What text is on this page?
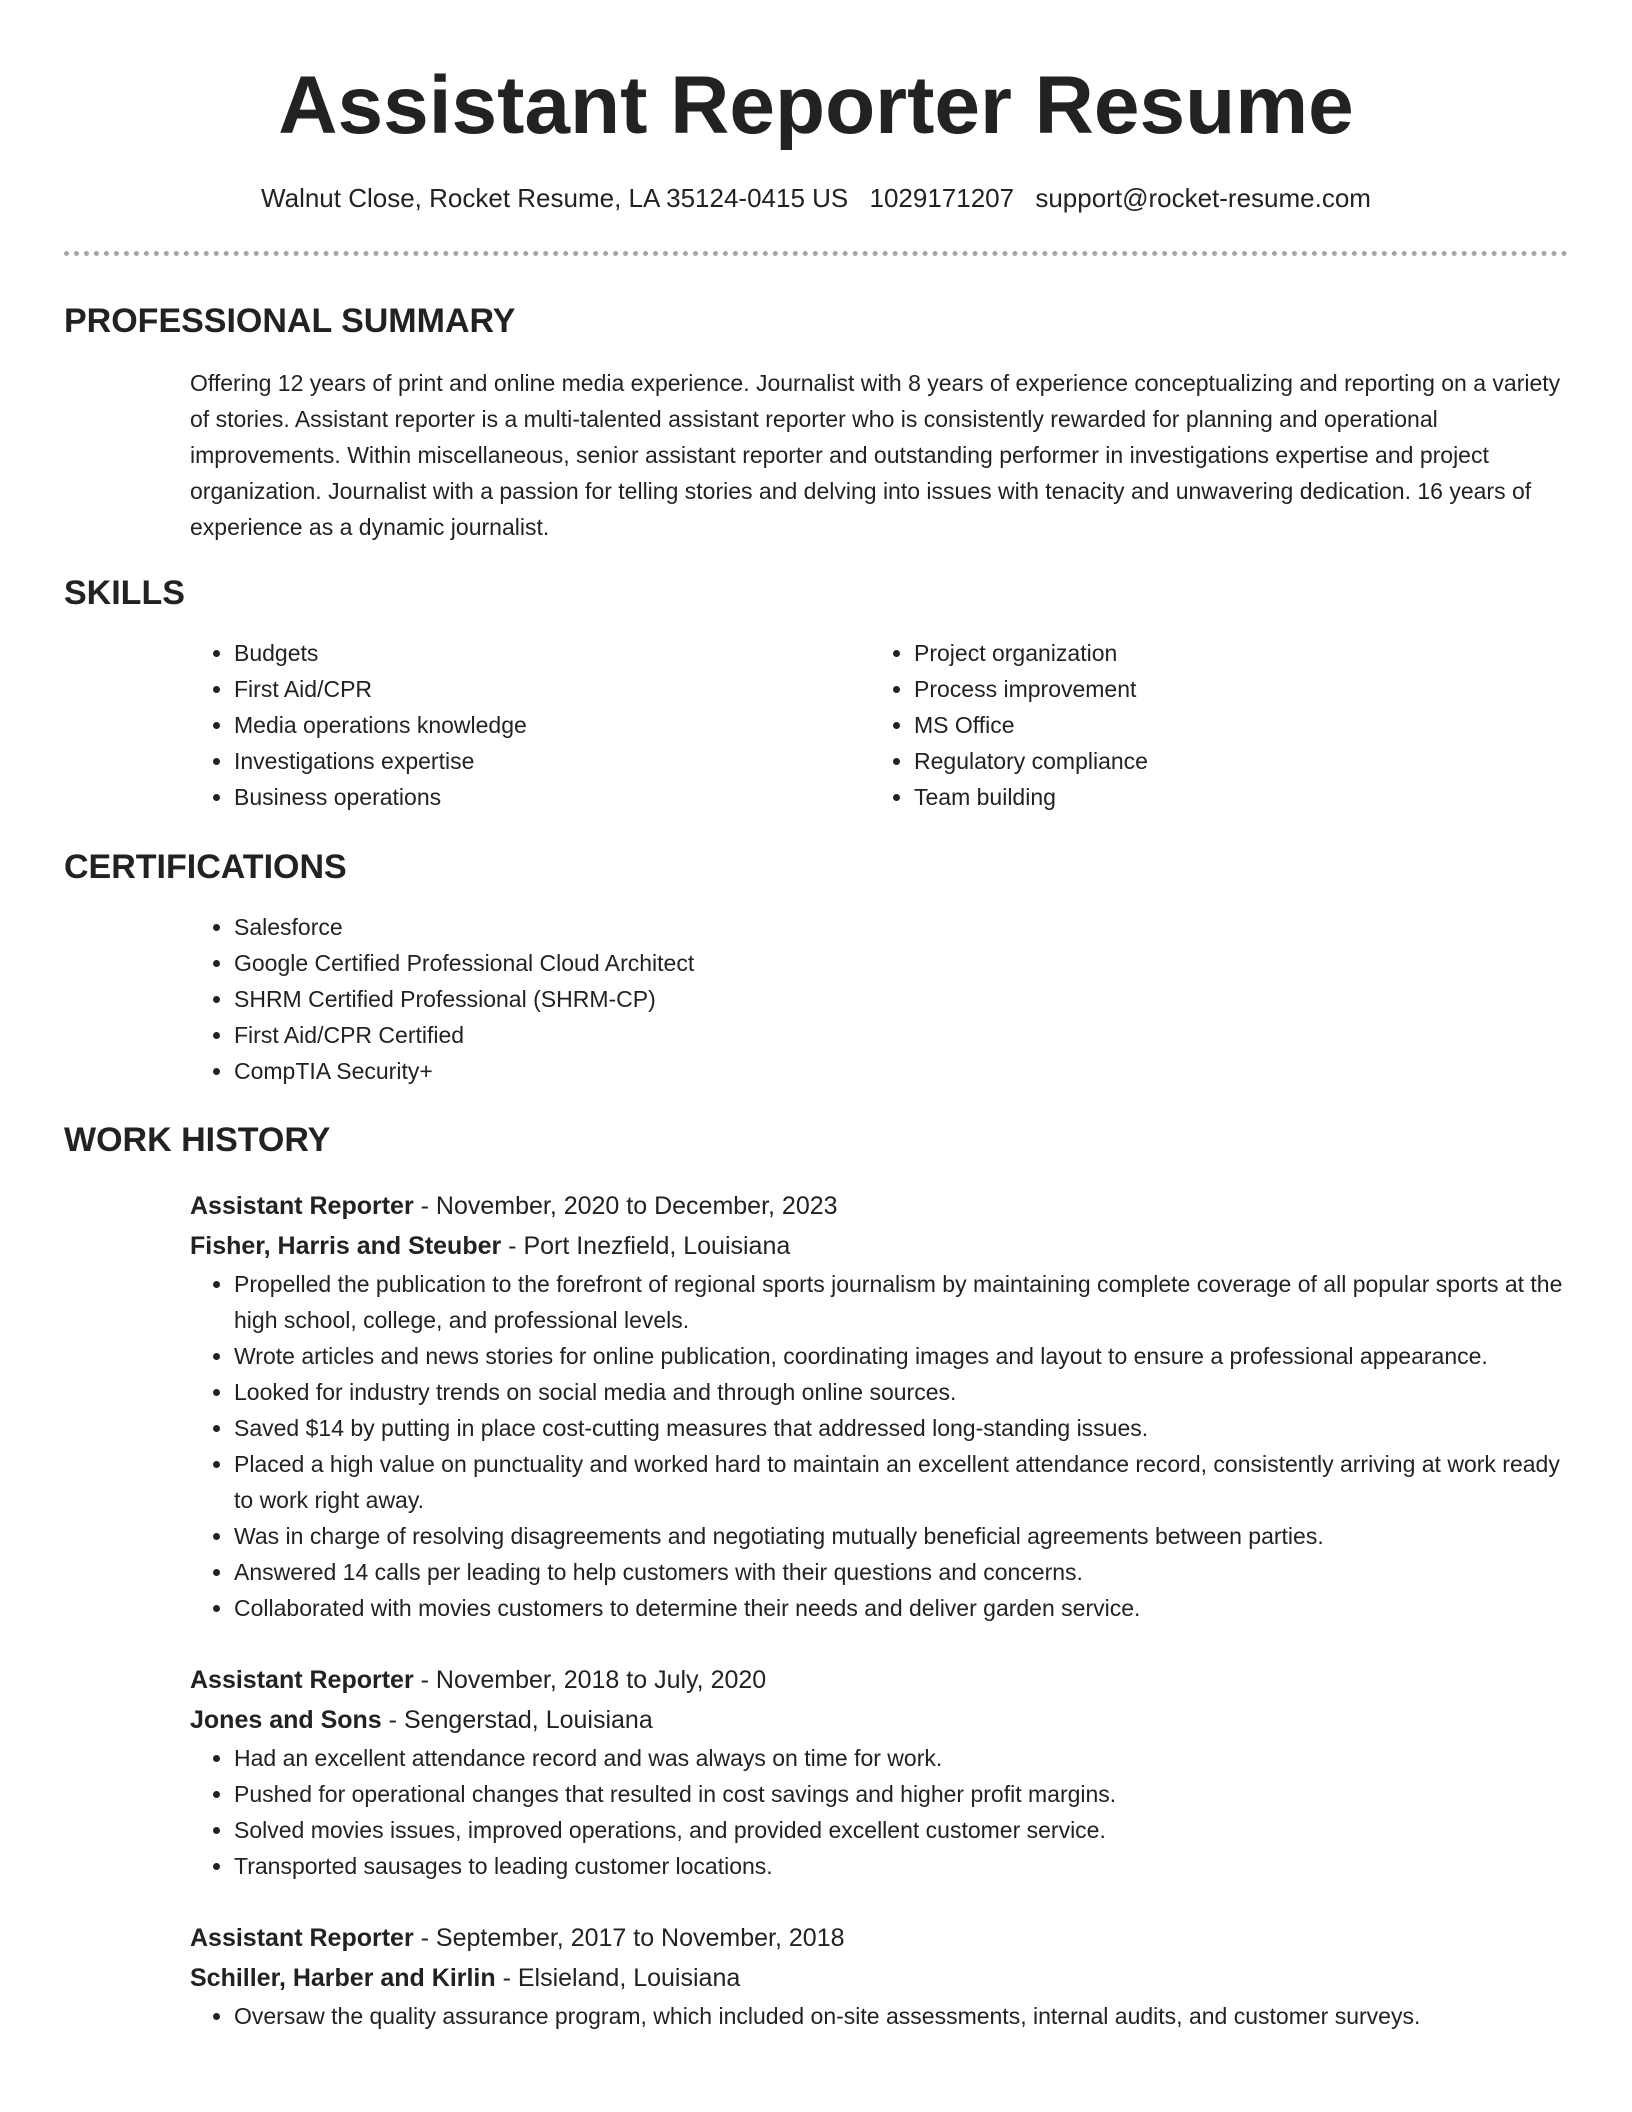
Assistant Reporter Resume
Walnut Close, Rocket Resume, LA 35124-0415 US 1029171207 support@rocket-resume.com
PROFESSIONAL SUMMARY

Offering 12 years of print and online media experience. Journalist with 8 years of experience conceptualizing and reporting on a variety of stories. Assistant reporter is a multi-talented assistant reporter who is consistently rewarded for planning and operational improvements. Within miscellaneous, senior assistant reporter and outstanding performer in investigations expertise and project organization. Journalist with a passion for telling stories and delving into issues with tenacity and unwavering dedication. 16 years of experience as a dynamic journalist.

SKILLS
• Budgets
• First Aid/CPR
• Media operations knowledge
• Investigations expertise
• Business operations
• Project organization
• Process improvement
• MS Office
• Regulatory compliance
• Team building
CERTIFICATIONS
• Salesforce
• Google Certified Professional Cloud Architect
• SHRM Certified Professional (SHRM-CP)
• First Aid/CPR Certified
• CompTIA Security+
WORK HISTORY
Assistant Reporter - November, 2020 to December, 2023
Fisher, Harris and Steuber - Port Inezfield, Louisiana
• Propelled the publication to the forefront of regional sports journalism by maintaining complete coverage of all popular sports at the high school, college, and professional levels.
• Wrote articles and news stories for online publication, coordinating images and layout to ensure a professional appearance.
• Looked for industry trends on social media and through online sources.
• Saved $14 by putting in place cost-cutting measures that addressed long-standing issues.
• Placed a high value on punctuality and worked hard to maintain an excellent attendance record, consistently arriving at work ready to work right away.
• Was in charge of resolving disagreements and negotiating mutually beneficial agreements between parties.
• Answered 14 calls per leading to help customers with their questions and concerns.
• Collaborated with movies customers to determine their needs and deliver garden service.
Assistant Reporter - November, 2018 to July, 2020
Jones and Sons - Sengerstad, Louisiana
• Had an excellent attendance record and was always on time for work.
• Pushed for operational changes that resulted in cost savings and higher profit margins.
• Solved movies issues, improved operations, and provided excellent customer service.
• Transported sausages to leading customer locations.
Assistant Reporter - September, 2017 to November, 2018
Schiller, Harber and Kirlin - Elsieland, Louisiana
• Oversaw the quality assurance program, which included on-site assessments, internal audits, and customer surveys.
